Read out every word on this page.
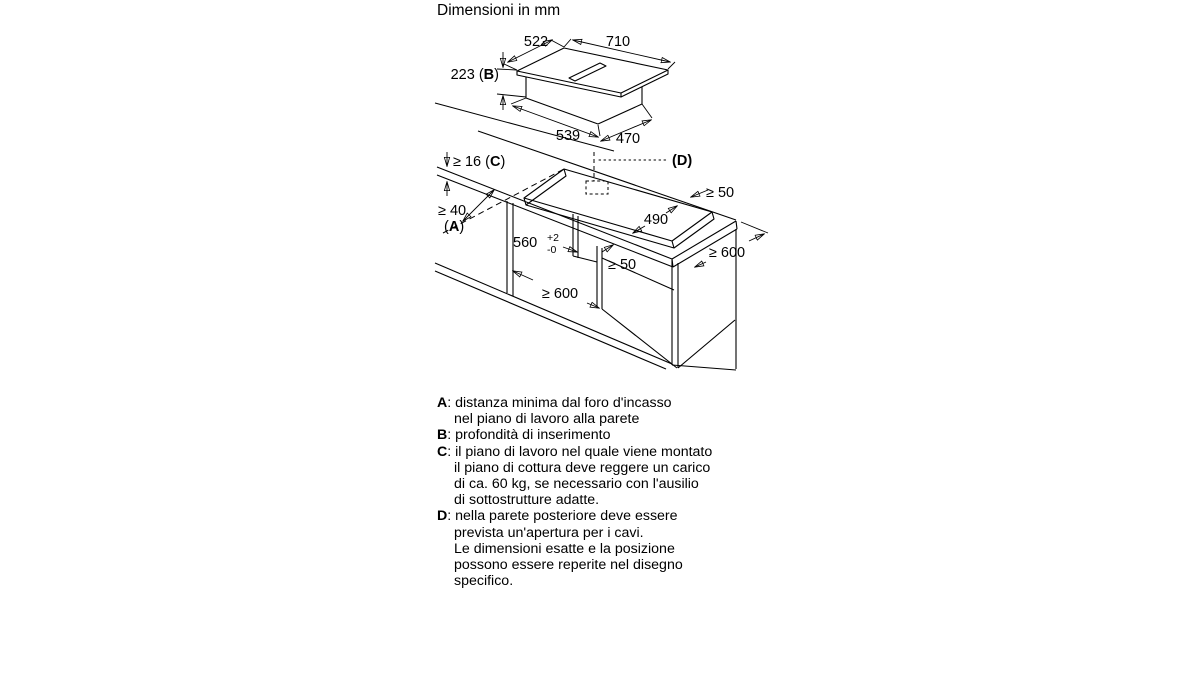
Dimensioni in mm
522	710
223 (B)
539 470
≥ 16 (C)
≥ 40
(A)
(D)
560 +2
-0
490
≥ 50
≥ 600
≥ 50
≥ 600
A: distanza minima dal foro d'incasso
nel piano di lavoro alla parete
B: profondità di inserimento
C: il piano di lavoro nel quale viene montato
il piano di cottura deve reggere un carico
di ca. 60 kg, se necessario con l'ausilio
di sottostrutture adatte.
D: nella parete posteriore deve essere
prevista un'apertura per i cavi.
Le dimensioni esatte e la posizione
possono essere reperite nel disegno
specifico.
